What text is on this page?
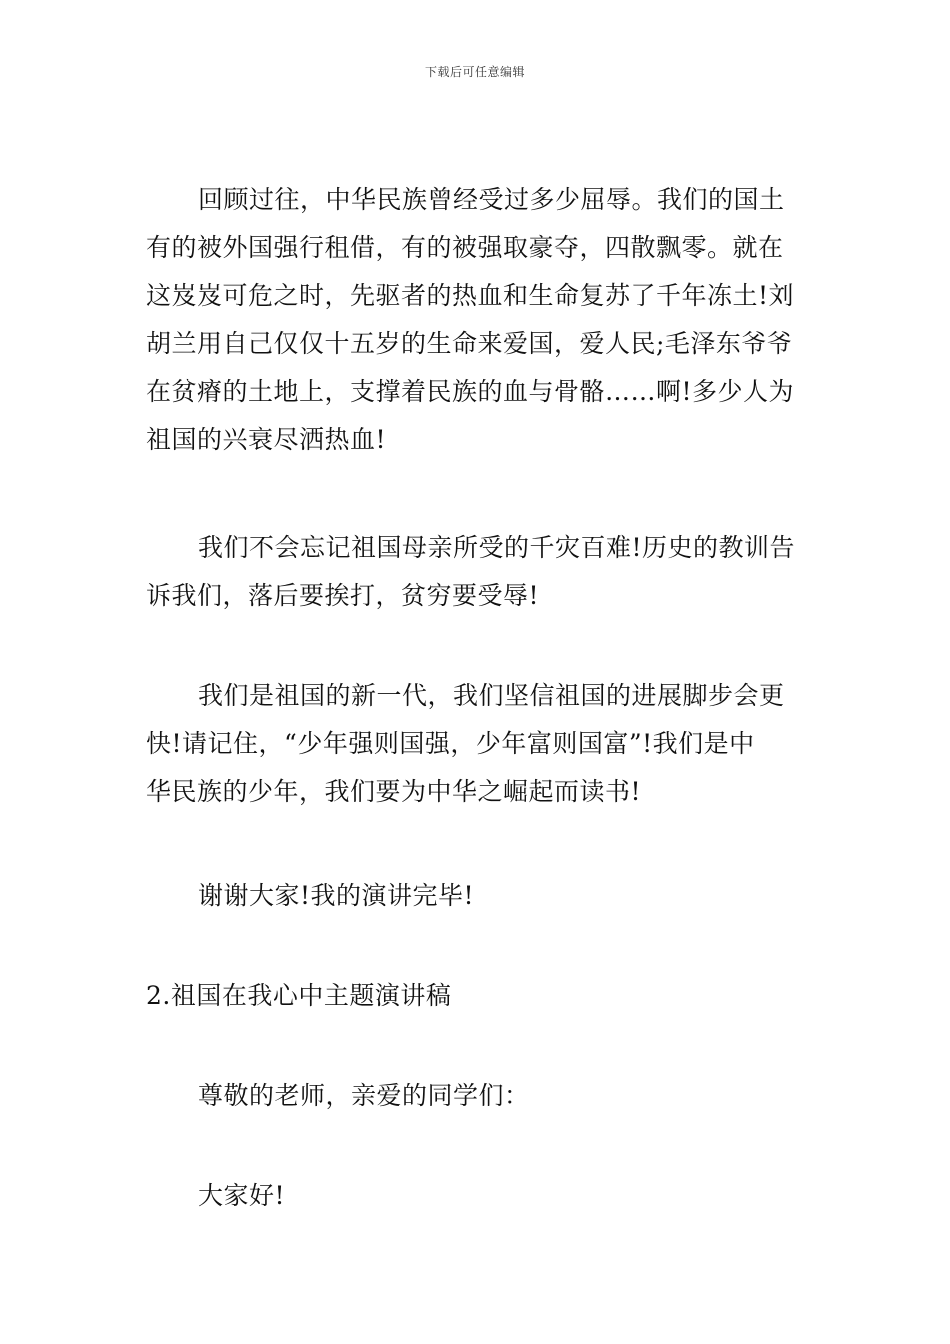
下载后可任意编辑
回顾过往，中华民族曾经受过多少屈辱。我们的国土
有的被外国强行租借，有的被强取豪夺，四散飘零。就在
这岌岌可危之时，先驱者的热血和生命复苏了千年冻土!刘
胡兰用自己仅仅十五岁的生命来爱国，爱人民;毛泽东爷爷
在贫瘠的土地上，支撑着民族的血与骨骼……啊!多少人为
祖国的兴衰尽洒热血!
我们不会忘记祖国母亲所受的千灾百难!历史的教训告
诉我们，落后要挨打，贫穷要受辱!
我们是祖国的新一代，我们坚信祖国的进展脚步会更
快!请记住，“少年强则国强，少年富则国富”!我们是中
华民族的少年，我们要为中华之崛起而读书!
谢谢大家!我的演讲完毕!
2.祖国在我心中主题演讲稿
尊敬的老师，亲爱的同学们：
大家好!
